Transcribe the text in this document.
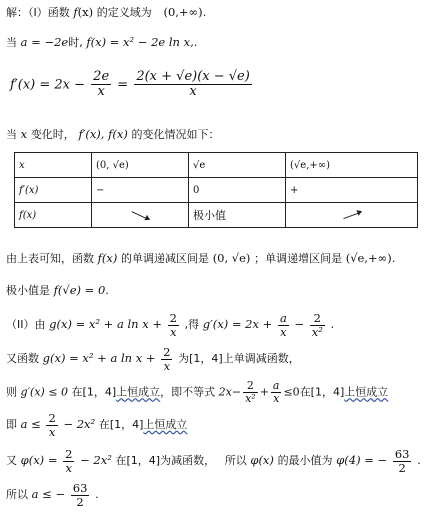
解：（I）函数 f(x) 的定义域为 (0,+∞).
当 a = −2e时, f(x) = x² − 2e ln x,.
$f'(x) = 2x - \frac{2e}{x} = \frac{2(x + √e)(x - √e)}{x}$
当 x 变化时， f′(x), f(x) 的变化情况如下：
x	(0, √e)	√e	(√e,+∞)
f′(x)	−	0	+
f(x)		极小值	
由上表可知，函数 f(x) 的单调递减区间是 (0, √e) ；单调递增区间是 (√e,+∞).
极小值是 f(√e) = 0.
（II）由 g(x) = x² + a $\ln x + \frac{2}{x}$ ,得 $g'(x) = 2x + \frac{a}{x} - \frac{2}{\text{x²}}$ .
又函数 g(x) = x² + a $\ln x + \frac{2}{x}$ 为[1，4]上单调减函数，
则 g′(x) ≤ 0 在[1，4]上恒成立，即不等式 $2x- \frac{2}{\text{x²}} + \frac{a}{x} \le 0$在[1，4]上恒成立
即 $a \le \frac{2}{x} - 2x^2$ 在[1，4]上恒成立
又 $\varphi(x) = \frac{2}{x} - 2x^2$ 在[1，4]为减函数， 所以 φ(x) 的最小值为 φ(4) = − $\frac{63}{2}$ .
所以 a ≤ − $\frac{63}{2}$ .
